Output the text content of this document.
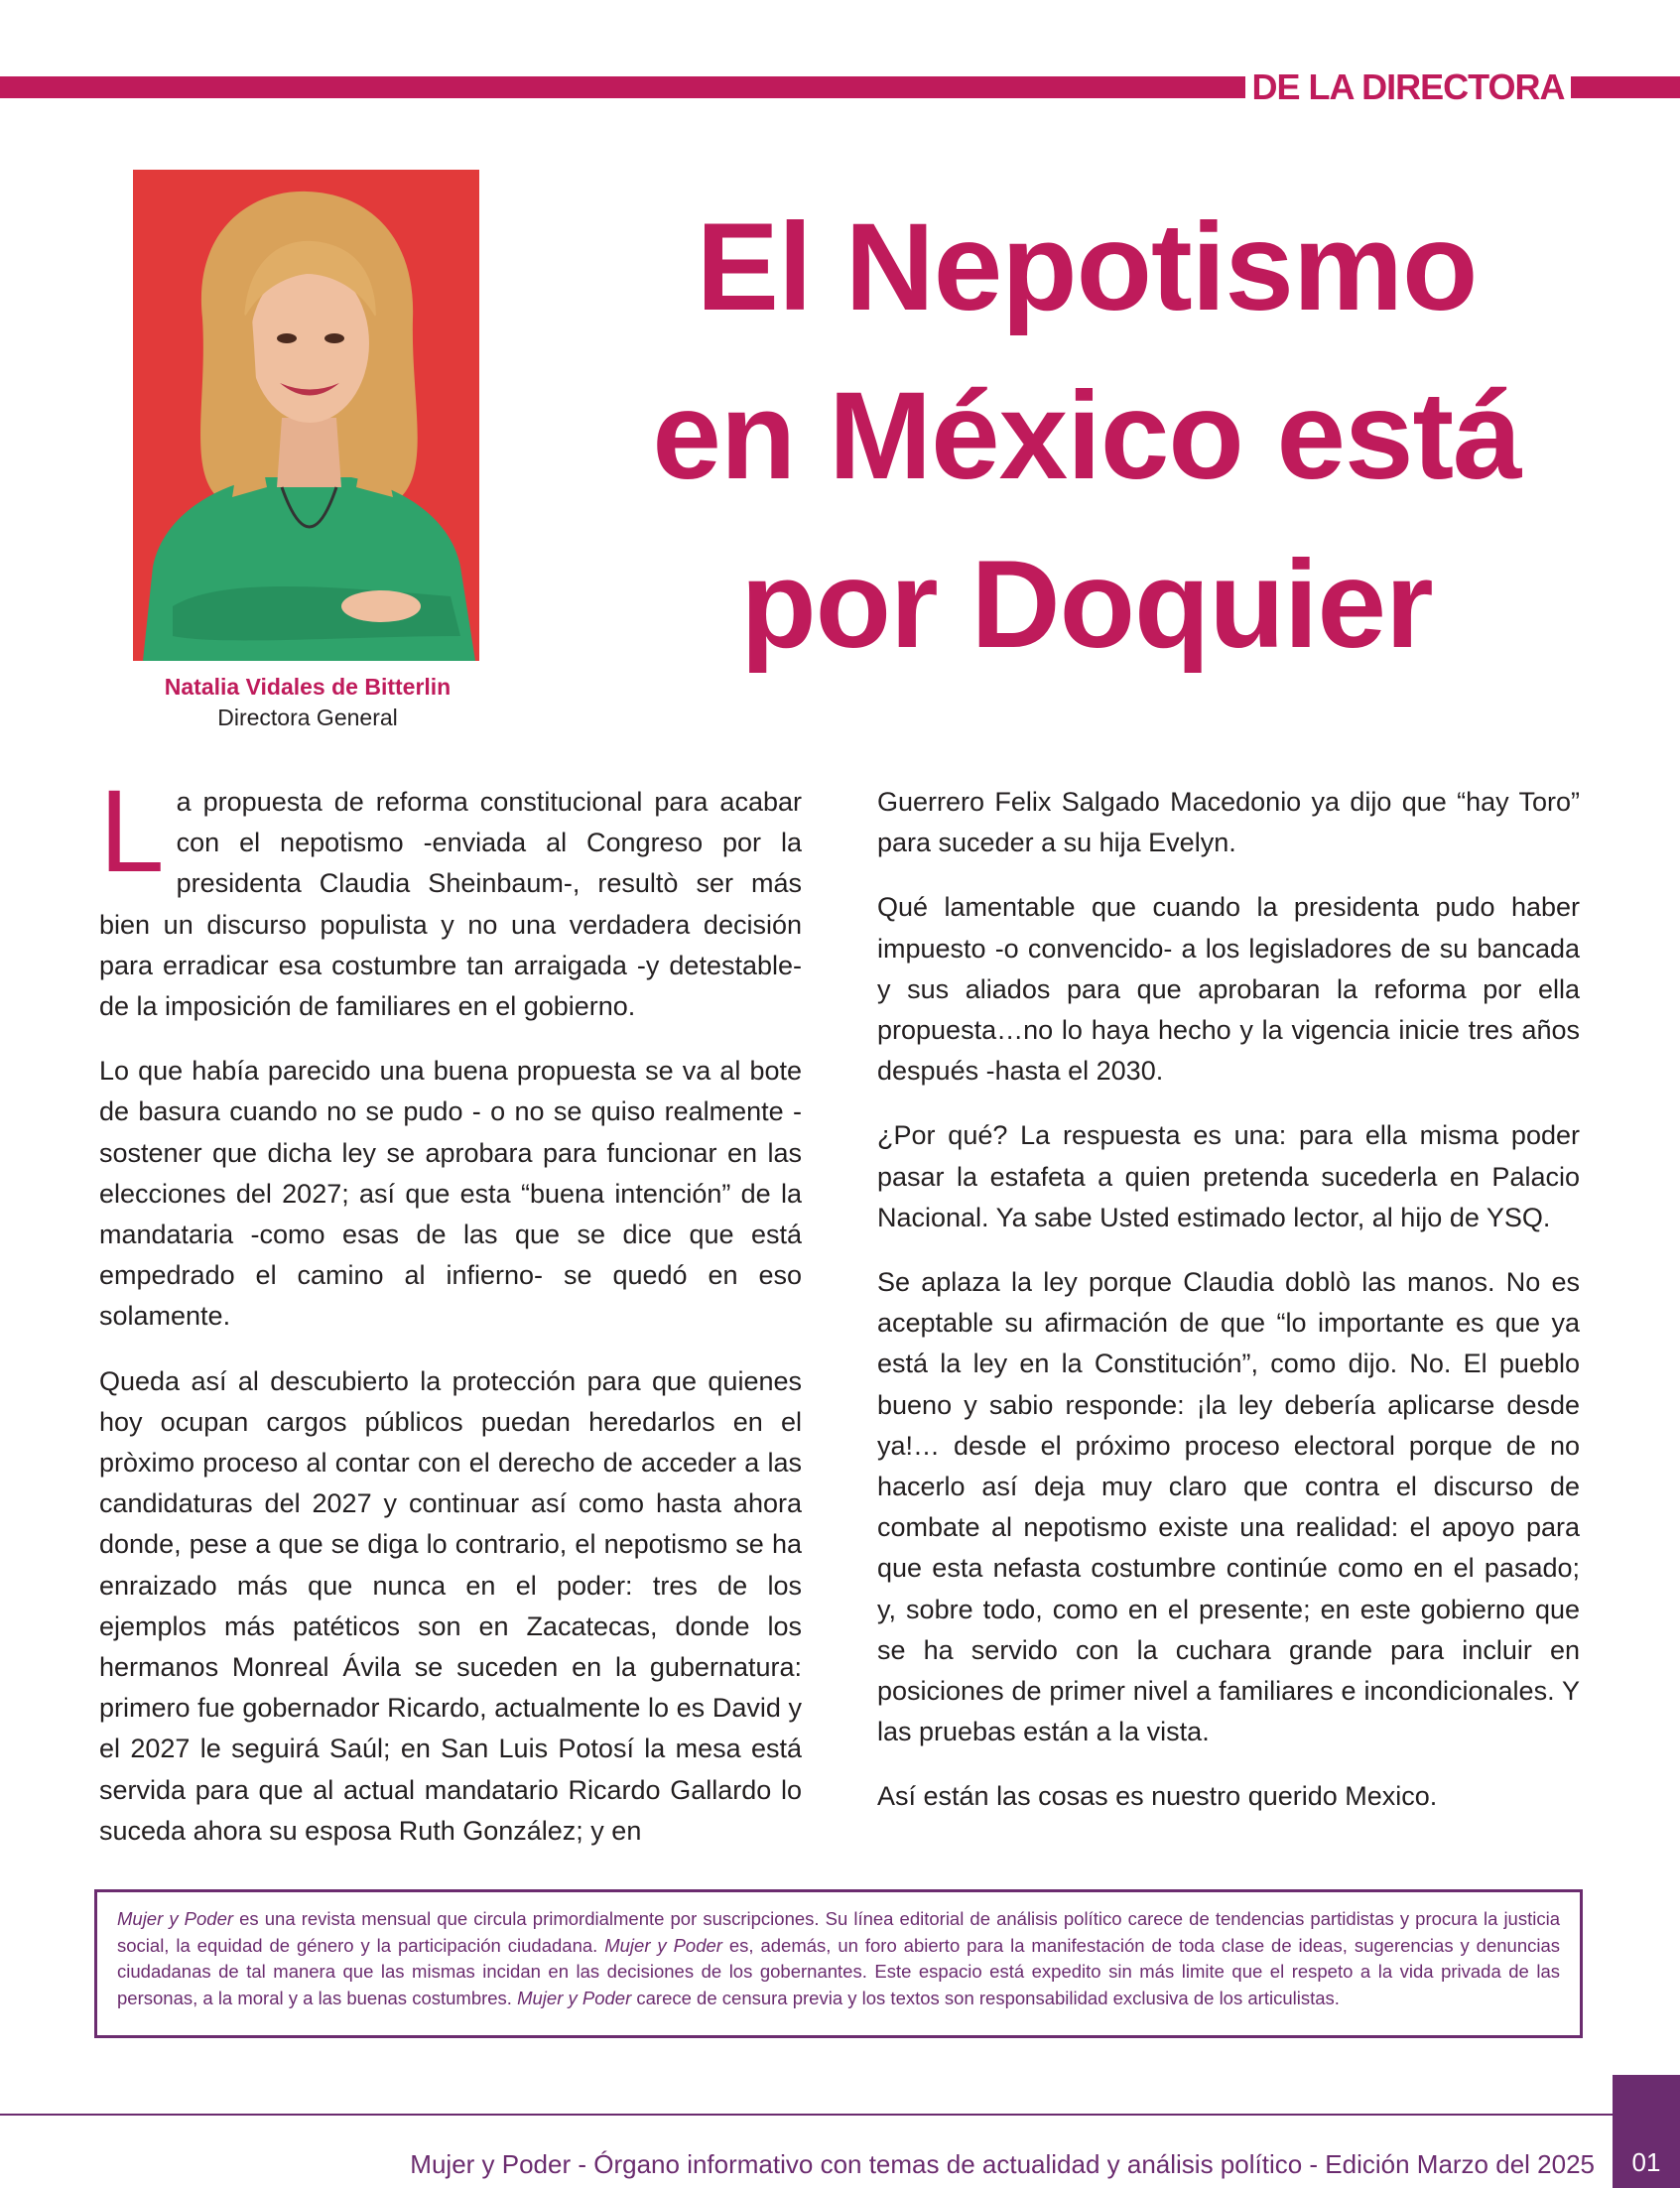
DE LA DIRECTORA
Natalia Vidales de Bitterlin
Directora General
El Nepotismo
en México está
por Doquier

La propuesta de reforma constitucional para acabar con el nepotismo -enviada al Congreso por la presidenta Claudia Sheinbaum-, resultò ser más bien un discurso populista y no una verdadera decisión para erradicar esa costumbre tan arraigada -y detestable- de la imposición de familiares en el gobierno.

Lo que había parecido una buena propuesta se va al bote de basura cuando no se pudo - o no se quiso realmente - sostener que dicha ley se aprobara para funcionar en las elecciones del 2027; así que esta “buena intención” de la mandataria -como esas de las que se dice que está empedrado el camino al infierno- se quedó en eso solamente.

Queda así al descubierto la protección para que quienes hoy ocupan cargos públicos puedan heredarlos en el pròximo proceso al contar con el derecho de acceder a las candidaturas del 2027 y continuar así como hasta ahora donde, pese a que se diga lo contrario, el nepotismo se ha enraizado más que nunca en el poder: tres de los ejemplos más patéticos son en Zacatecas, donde los hermanos Monreal Ávila se suceden en la gubernatura: primero fue gobernador Ricardo, actualmente lo es David y el 2027 le seguirá Saúl; en San Luis Potosí la mesa está servida para que al actual mandatario Ricardo Gallardo lo suceda ahora su esposa Ruth González; y en

Guerrero Felix Salgado Macedonio ya dijo que “hay Toro” para suceder a su hija Evelyn.

Qué lamentable que cuando la presidenta pudo haber impuesto -o convencido- a los legisladores de su bancada y sus aliados para que aprobaran la reforma por ella propuesta…no lo haya hecho y la vigencia inicie tres años después -hasta el 2030.

¿Por qué? La respuesta es una: para ella misma poder pasar la estafeta a quien pretenda sucederla en Palacio Nacional. Ya sabe Usted estimado lector, al hijo de YSQ.

Se aplaza la ley porque Claudia doblò las manos. No es aceptable su afirmación de que “lo importante es que ya está la ley en la Constitución”, como dijo. No. El pueblo bueno y sabio responde: ¡la ley debería aplicarse desde ya!… desde el próximo proceso electoral porque de no hacerlo así deja muy claro que contra el discurso de combate al nepotismo existe una realidad: el apoyo para que esta nefasta costumbre continúe como en el pasado; y, sobre todo, como en el presente; en este gobierno que se ha servido con la cuchara grande para incluir en posiciones de primer nivel a familiares e incondicionales. Y las pruebas están a la vista.

Así están las cosas es nuestro querido Mexico.

Mujer y Poder es una revista mensual que circula primordialmente por suscripciones. Su línea editorial de análisis político carece de tendencias partidistas y procura la justicia social, la equidad de género y la participación ciudadana. Mujer y Poder es, además, un foro abierto para la manifestación de toda clase de ideas, sugerencias y denuncias ciudadanas de tal manera que las mismas incidan en las decisiones de los gobernantes. Este espacio está expedito sin más limite que el respeto a la vida privada de las personas, a la moral y a las buenas costumbres. Mujer y Poder carece de censura previa y los textos son responsabilidad exclusiva de los articulistas.
Mujer y Poder - Órgano informativo con temas de actualidad y análisis político - Edición Marzo del 2025	01
